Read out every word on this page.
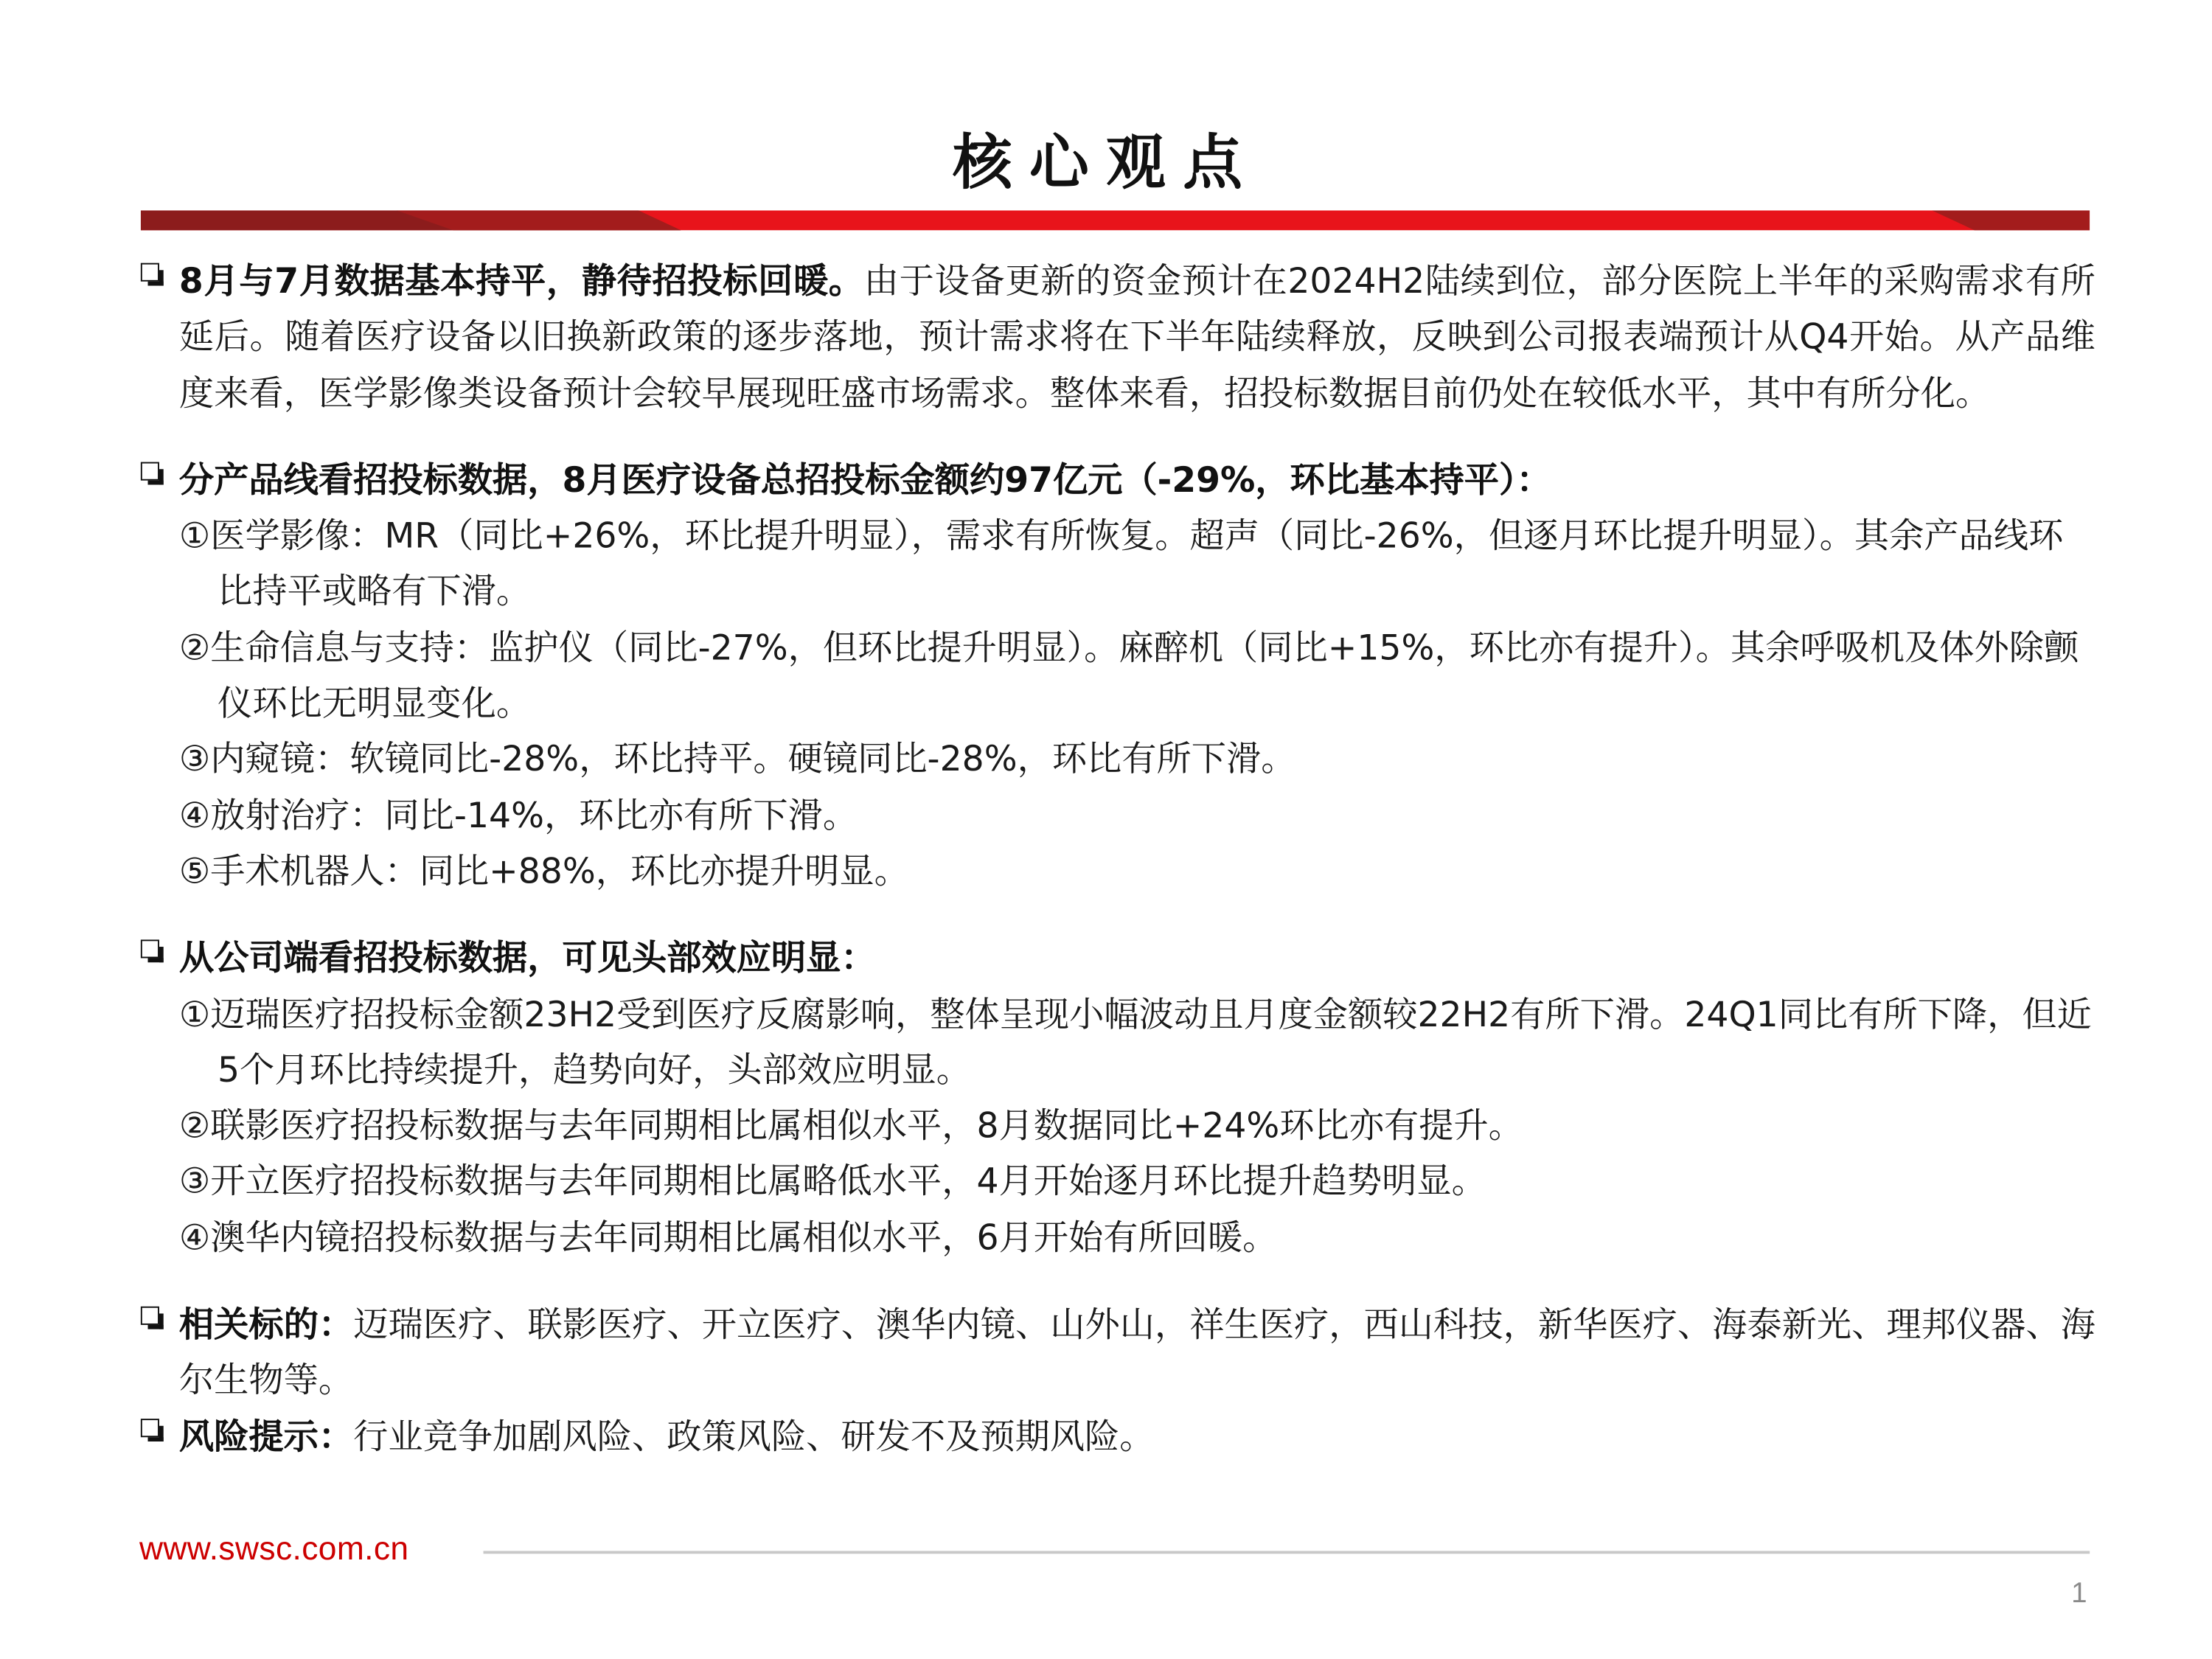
核心观点
8月与7月数据基本持平，静待招投标回暖。由于设备更新的资金预计在2024H2陆续到位，部分医院上半年的采购需求有所延后。随着医疗设备以旧换新政策的逐步落地，预计需求将在下半年陆续释放，反映到公司报表端预计从Q4开始。从产品维度来看，医学影像类设备预计会较早展现旺盛市场需求。整体来看，招投标数据目前仍处在较低水平，其中有所分化。
分产品线看招投标数据，8月医疗设备总招投标金额约97亿元（-29%，环比基本持平）：
①医学影像：MR（同比+26%，环比提升明显），需求有所恢复。超声（同比-26%，但逐月环比提升明显）。其余产品线环比持平或略有下滑。
②生命信息与支持：监护仪（同比-27%，但环比提升明显）。麻醉机（同比+15%，环比亦有提升）。其余呼吸机及体外除颤仪环比无明显变化。
③内窥镜：软镜同比-28%，环比持平。硬镜同比-28%，环比有所下滑。
④放射治疗：同比-14%，环比亦有所下滑。
⑤手术机器人：同比+88%，环比亦提升明显。
从公司端看招投标数据，可见头部效应明显：
①迈瑞医疗招投标金额23H2受到医疗反腐影响，整体呈现小幅波动且月度金额较22H2有所下滑。24Q1同比有所下降，但近5个月环比持续提升，趋势向好，头部效应明显。
②联影医疗招投标数据与去年同期相比属相似水平，8月数据同比+24%环比亦有提升。
③开立医疗招投标数据与去年同期相比属略低水平，4月开始逐月环比提升趋势明显。
④澳华内镜招投标数据与去年同期相比属相似水平，6月开始有所回暖。
相关标的：迈瑞医疗、联影医疗、开立医疗、澳华内镜、山外山，祥生医疗，西山科技，新华医疗、海泰新光、理邦仪器、海尔生物等。
风险提示：行业竞争加剧风险、政策风险、研发不及预期风险。
www.swsc.com.cn
1
